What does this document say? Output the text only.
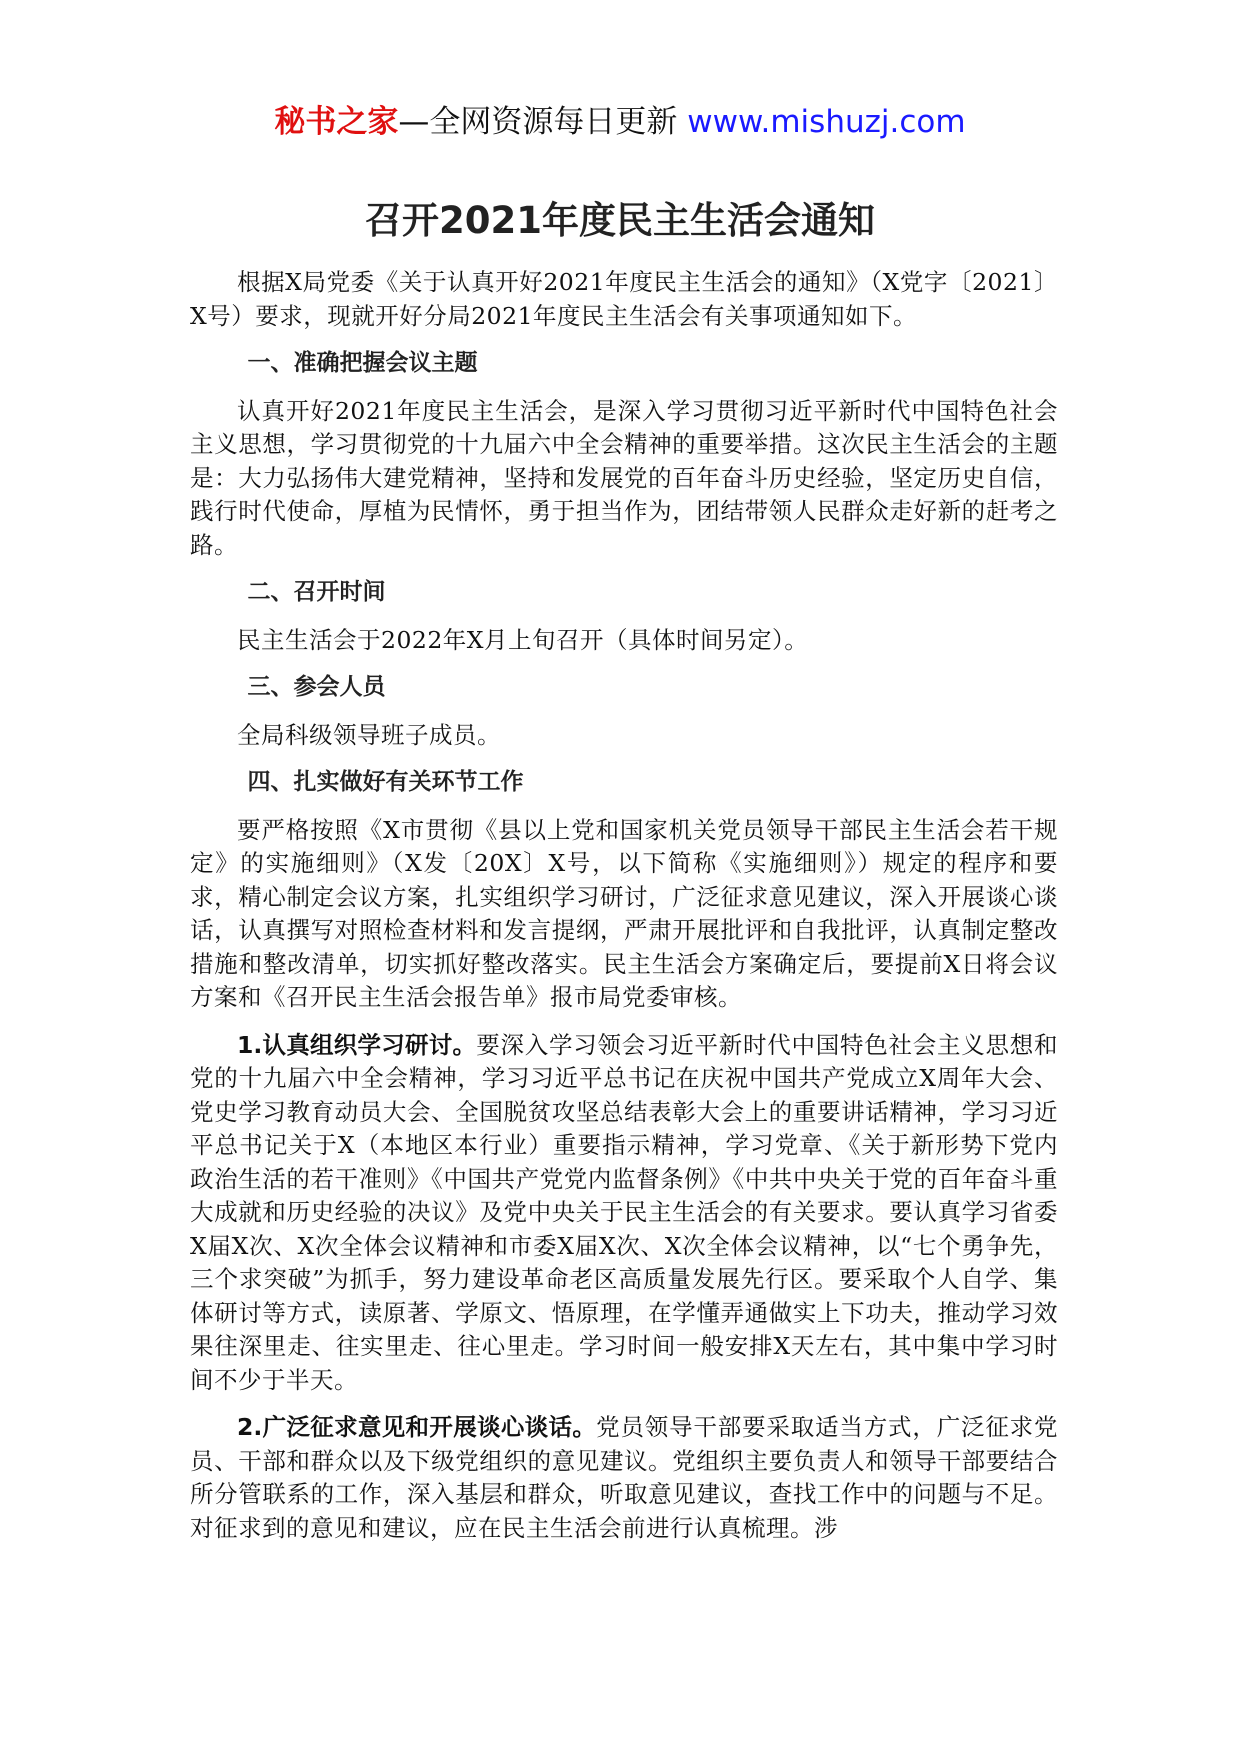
秘书之家—全网资源每日更新 www.mishuzj.com
召开2021年度民主生活会通知

根据X局党委《关于认真开好2021年度民主生活会的通知》（X党字〔2021〕X号）要求，现就开好分局2021年度民主生活会有关事项通知如下。

一、准确把握会议主题

认真开好2021年度民主生活会，是深入学习贯彻习近平新时代中国特色社会主义思想，学习贯彻党的十九届六中全会精神的重要举措。这次民主生活会的主题是：大力弘扬伟大建党精神，坚持和发展党的百年奋斗历史经验，坚定历史自信，践行时代使命，厚植为民情怀，勇于担当作为，团结带领人民群众走好新的赶考之路。

二、召开时间

民主生活会于2022年X月上旬召开（具体时间另定）。

三、参会人员

全局科级领导班子成员。

四、扎实做好有关环节工作

要严格按照《X市贯彻《县以上党和国家机关党员领导干部民主生活会若干规定》的实施细则》（X发〔20X〕X号，以下简称《实施细则》）规定的程序和要求，精心制定会议方案，扎实组织学习研讨，广泛征求意见建议，深入开展谈心谈话，认真撰写对照检查材料和发言提纲，严肃开展批评和自我批评，认真制定整改措施和整改清单，切实抓好整改落实。民主生活会方案确定后，要提前X日将会议方案和《召开民主生活会报告单》报市局党委审核。

1.认真组织学习研讨。要深入学习领会习近平新时代中国特色社会主义思想和党的十九届六中全会精神，学习习近平总书记在庆祝中国共产党成立X周年大会、党史学习教育动员大会、全国脱贫攻坚总结表彰大会上的重要讲话精神，学习习近平总书记关于X（本地区本行业）重要指示精神，学习党章、《关于新形势下党内政治生活的若干准则》《中国共产党党内监督条例》《中共中央关于党的百年奋斗重大成就和历史经验的决议》及党中央关于民主生活会的有关要求。要认真学习省委X届X次、X次全体会议精神和市委X届X次、X次全体会议精神，以“七个勇争先，三个求突破”为抓手，努力建设革命老区高质量发展先行区。要采取个人自学、集体研讨等方式，读原著、学原文、悟原理，在学懂弄通做实上下功夫，推动学习效果往深里走、往实里走、往心里走。学习时间一般安排X天左右，其中集中学习时间不少于半天。

2.广泛征求意见和开展谈心谈话。党员领导干部要采取适当方式，广泛征求党员、干部和群众以及下级党组织的意见建议。党组织主要负责人和领导干部要结合所分管联系的工作，深入基层和群众，听取意见建议，查找工作中的问题与不足。对征求到的意见和建议，应在民主生活会前进行认真梳理。涉
